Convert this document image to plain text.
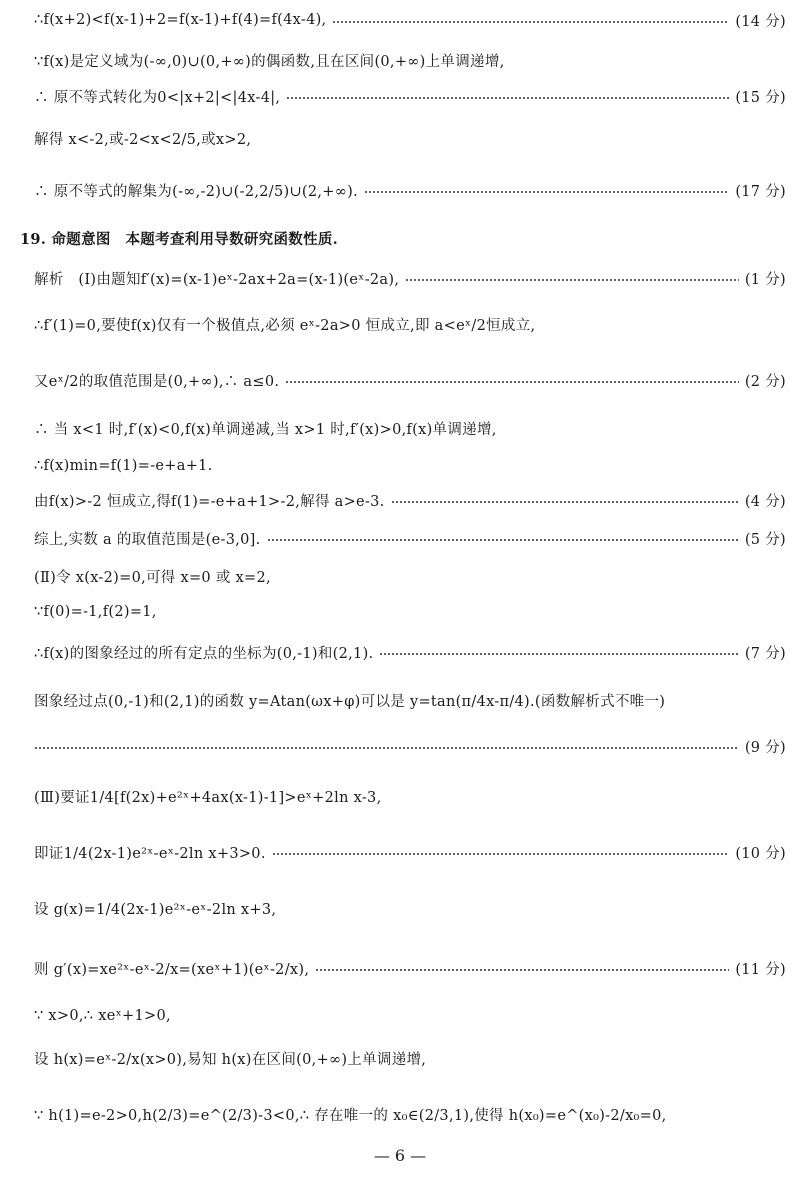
∴f(x+2)<f(x-1)+2=f(x-1)+f(4)=f(4x-4),	(14 分)
∵f(x)是定义域为(-∞,0)∪(0,+∞)的偶函数,且在区间(0,+∞)上单调递增,
∴ 原不等式转化为0<|x+2|<|4x-4|,	(15 分)
解得 x<-2,或-2<x<2/5,或x>2,
∴ 原不等式的解集为(-∞,-2)∪(-2,2/5)∪(2,+∞).	(17 分)
19. 命题意图　本题考查利用导数研究函数性质.
解析　(Ⅰ)由题知f′(x)=(x-1)eˣ-2ax+2a=(x-1)(eˣ-2a),	(1 分)
∴f′(1)=0,要使f(x)仅有一个极值点,必须 eˣ-2a>0 恒成立,即 a<eˣ/2恒成立,
又eˣ/2的取值范围是(0,+∞),∴ a≤0.	(2 分)
∴ 当 x<1 时,f′(x)<0,f(x)单调递减,当 x>1 时,f′(x)>0,f(x)单调递增,
∴f(x)min=f(1)=-e+a+1.
由f(x)>-2 恒成立,得f(1)=-e+a+1>-2,解得 a>e-3.	(4 分)
综上,实数 a 的取值范围是(e-3,0].	(5 分)
(Ⅱ)令 x(x-2)=0,可得 x=0 或 x=2,
∵f(0)=-1,f(2)=1,
∴f(x)的图象经过的所有定点的坐标为(0,-1)和(2,1).	(7 分)
图象经过点(0,-1)和(2,1)的函数 y=Atan(ωx+φ)可以是 y=tan(π/4x-π/4).(函数解析式不唯一)
(9 分)
(Ⅲ)要证1/4[f(2x)+e²ˣ+4ax(x-1)-1]>eˣ+2ln x-3,
即证1/4(2x-1)e²ˣ-eˣ-2ln x+3>0.	(10 分)
设 g(x)=1/4(2x-1)e²ˣ-eˣ-2ln x+3,
则 g′(x)=xe²ˣ-eˣ-2/x=(xeˣ+1)(eˣ-2/x),	(11 分)
∵ x>0,∴ xeˣ+1>0,
设 h(x)=eˣ-2/x(x>0),易知 h(x)在区间(0,+∞)上单调递增,
∵ h(1)=e-2>0,h(2/3)=e^(2/3)-3<0,∴ 存在唯一的 x₀∈(2/3,1),使得 h(x₀)=e^(x₀)-2/x₀=0,
— 6 —
